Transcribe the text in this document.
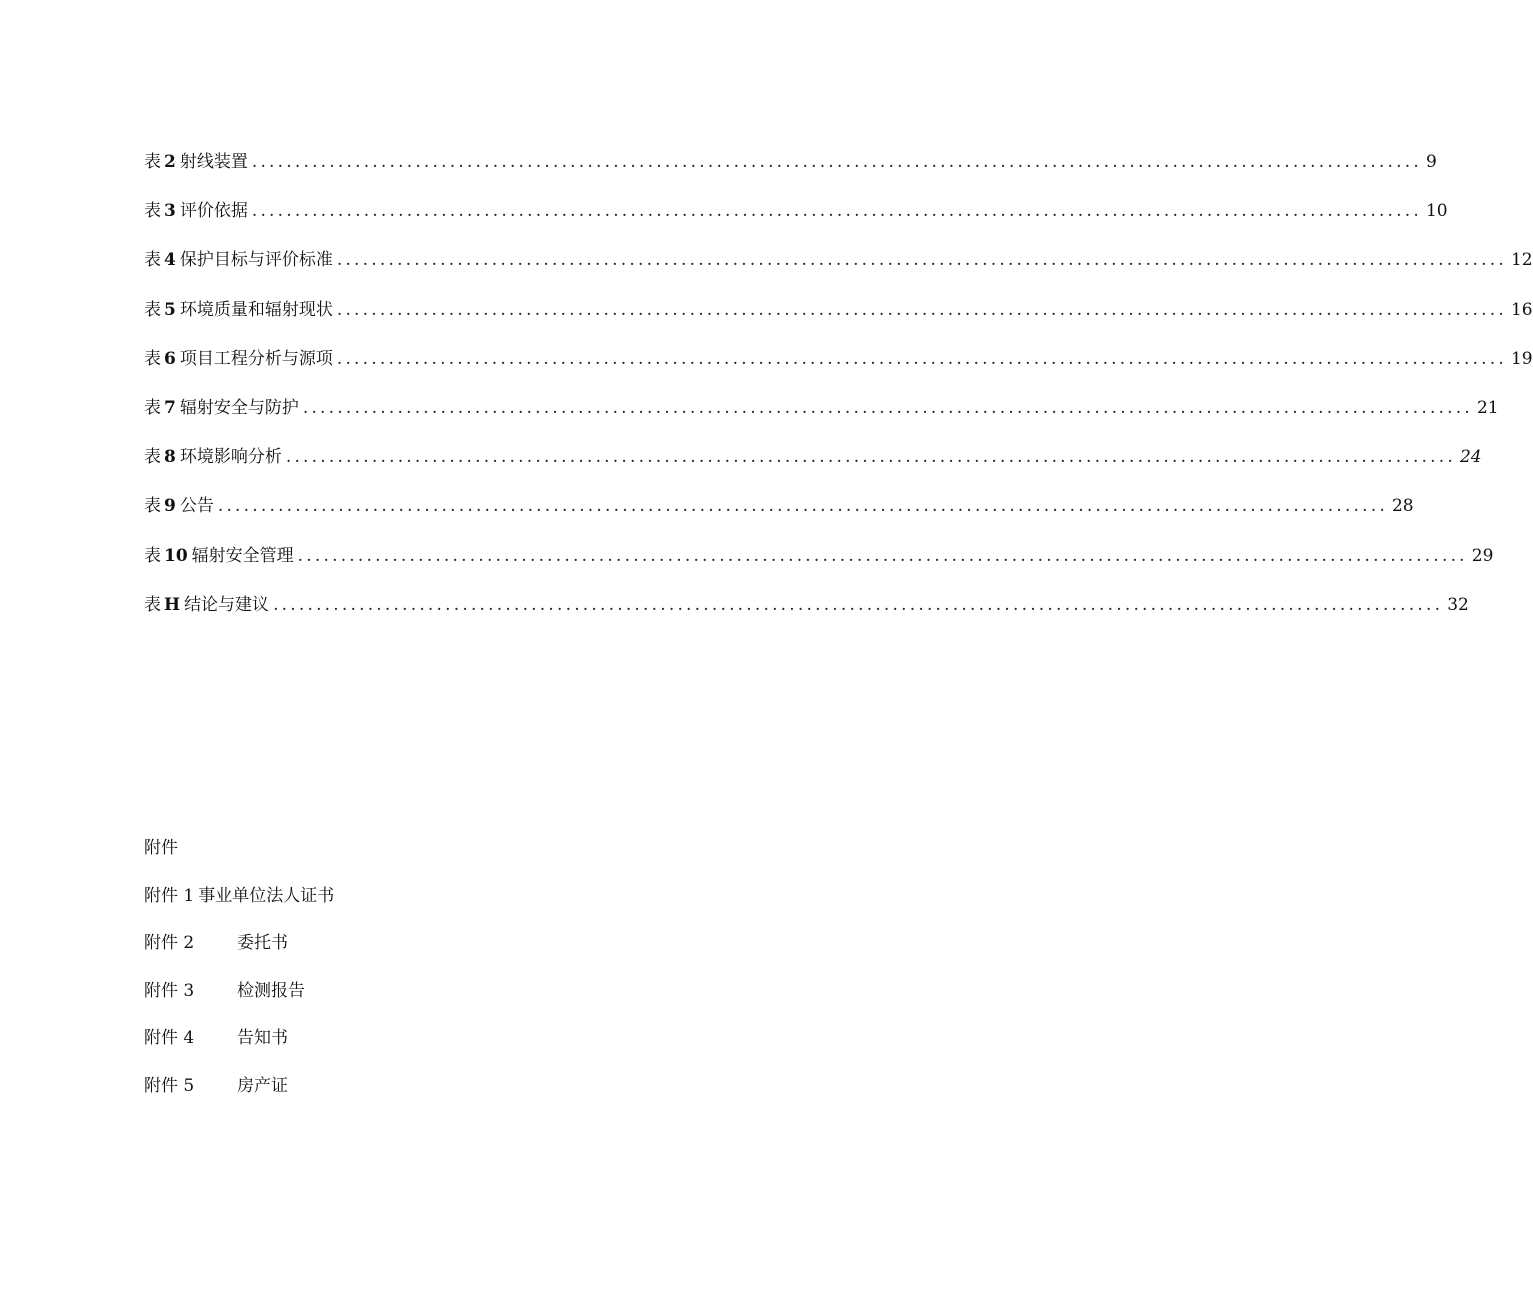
表 2 射线装置 ........................................................................................................................................ 9
表 3 评价依据 ........................................................................................................................................ 10
表 4 保护目标与评价标准 ........................................................................................................................................ 12
表 5 环境质量和辐射现状 ........................................................................................................................................ 16
表 6 项目工程分析与源项 ........................................................................................................................................ 19
表 7 辐射安全与防护 ........................................................................................................................................ 21
表 8 环境影响分析 ........................................................................................................................................ 24
表 9 公告 ........................................................................................................................................ 28
表 10 辐射安全管理 ........................................................................................................................................ 29
表 H 结论与建议 ........................................................................................................................................ 32
附件
附件 1 事业单位法人证书
附件 2	委托书
附件 3	检测报告
附件 4	告知书
附件 5	房产证
